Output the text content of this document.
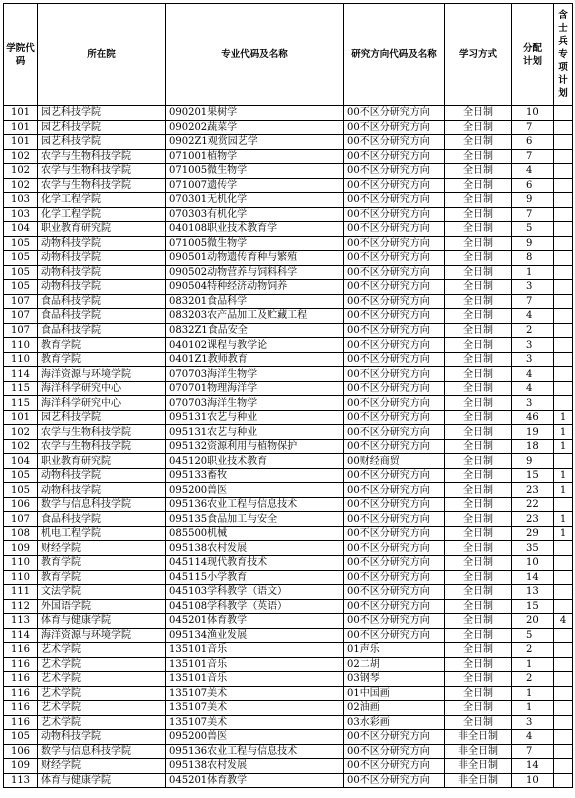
学院代码	所在院	专业代码及名称	研究方向代码及名称	学习方式	分配计划	含士兵专项计划

101	园艺科技学院	090201果树学	00不区分研究方向	全日制	10	
101	园艺科技学院	090202蔬菜学	00不区分研究方向	全日制	7	
101	园艺科技学院	0902Z1观赏园艺学	00不区分研究方向	全日制	6	
102	农学与生物科技学院	071001植物学	00不区分研究方向	全日制	7	
102	农学与生物科技学院	071005微生物学	00不区分研究方向	全日制	4	
102	农学与生物科技学院	071007遗传学	00不区分研究方向	全日制	6	
103	化学工程学院	070301无机化学	00不区分研究方向	全日制	9	
103	化学工程学院	070303有机化学	00不区分研究方向	全日制	7	
104	职业教育研究院	040108职业技术教育学	00不区分研究方向	全日制	5	
105	动物科技学院	071005微生物学	00不区分研究方向	全日制	9	
105	动物科技学院	090501动物遗传育种与繁殖	00不区分研究方向	全日制	8	
105	动物科技学院	090502动物营养与饲料科学	00不区分研究方向	全日制	1	
105	动物科技学院	090504特种经济动物饲养	00不区分研究方向	全日制	3	
107	食品科技学院	083201食品科学	00不区分研究方向	全日制	7	
107	食品科技学院	083203农产品加工及贮藏工程	00不区分研究方向	全日制	4	
107	食品科技学院	0832Z1食品安全	00不区分研究方向	全日制	2	
110	教育学院	040102课程与教学论	00不区分研究方向	全日制	3	
110	教育学院	0401Z1教师教育	00不区分研究方向	全日制	3	
114	海洋资源与环境学院	070703海洋生物学	00不区分研究方向	全日制	4	
115	海洋科学研究中心	070701物理海洋学	00不区分研究方向	全日制	4	
115	海洋科学研究中心	070703海洋生物学	00不区分研究方向	全日制	3	
101	园艺科技学院	095131农艺与种业	00不区分研究方向	全日制	46	1
102	农学与生物科技学院	095131农艺与种业	00不区分研究方向	全日制	19	1
102	农学与生物科技学院	095132资源利用与植物保护	00不区分研究方向	全日制	18	1
104	职业教育研究院	045120职业技术教育	00财经商贸	全日制	9	
105	动物科技学院	095133畜牧	00不区分研究方向	全日制	15	1
105	动物科技学院	095200兽医	00不区分研究方向	全日制	23	1
106	数学与信息科技学院	095136农业工程与信息技术	00不区分研究方向	全日制	22	
107	食品科技学院	095135食品加工与安全	00不区分研究方向	全日制	23	1
108	机电工程学院	085500机械	00不区分研究方向	全日制	29	1
109	财经学院	095138农村发展	00不区分研究方向	全日制	35	
110	教育学院	045114现代教育技术	00不区分研究方向	全日制	10	
110	教育学院	045115小学教育	00不区分研究方向	全日制	14	
111	文法学院	045103学科教学（语文）	00不区分研究方向	全日制	13	
112	外国语学院	045108学科教学（英语）	00不区分研究方向	全日制	15	
113	体育与健康学院	045201体育教学	00不区分研究方向	全日制	20	4
114	海洋资源与环境学院	095134渔业发展	00不区分研究方向	全日制	5	
116	艺术学院	135101音乐	01声乐	全日制	2	
116	艺术学院	135101音乐	02二胡	全日制	1	
116	艺术学院	135101音乐	03钢琴	全日制	2	
116	艺术学院	135107美术	01中国画	全日制	1	
116	艺术学院	135107美术	02油画	全日制	1	
116	艺术学院	135107美术	03水彩画	全日制	3	
105	动物科技学院	095200兽医	00不区分研究方向	非全日制	4	
106	数学与信息科技学院	095136农业工程与信息技术	00不区分研究方向	非全日制	7	
109	财经学院	095138农村发展	00不区分研究方向	非全日制	14	
113	体育与健康学院	045201体育教学	00不区分研究方向	非全日制	10	
